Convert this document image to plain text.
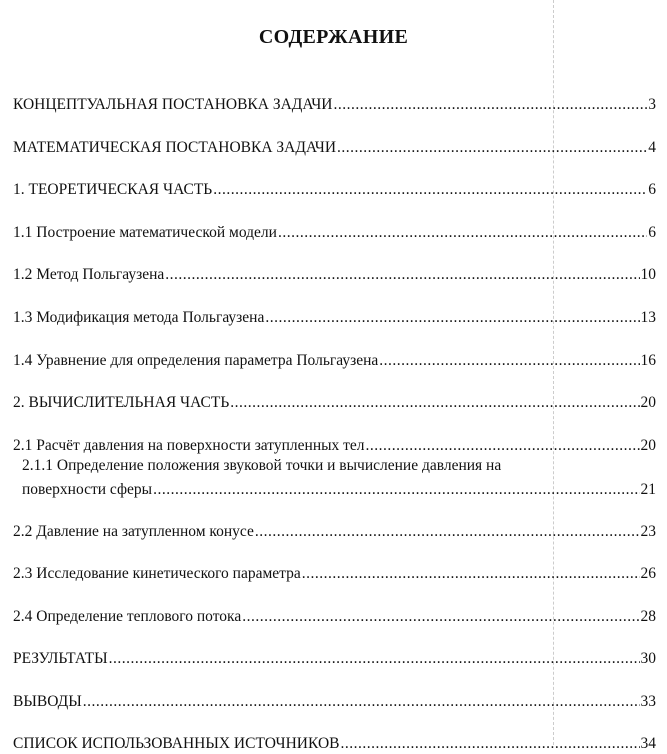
СОДЕРЖАНИЕ
КОНЦЕПТУАЛЬНАЯ ПОСТАНОВКА ЗАДАЧИ .....	3
МАТЕМАТИЧЕСКАЯ ПОСТАНОВКА ЗАДАЧИ .....	4
1. ТЕОРЕТИЧЕСКАЯ ЧАСТЬ .....	6
1.1 Построение математической модели .....	6
1.2 Метод Польгаузена .....	10
1.3 Модификация метода Польгаузена .....	13
1.4 Уравнение для определения параметра Польгаузена .....	16
2. ВЫЧИСЛИТЕЛЬНАЯ ЧАСТЬ .....	20
2.1 Расчёт давления на поверхности затупленных тел .....	20
2.1.1 Определение положения звуковой точки и вычисление давления на
поверхности сферы .....	21
2.2 Давление на затупленном конусе .....	23
2.3 Исследование кинетического параметра .....	26
2.4 Определение теплового потока .....	28
РЕЗУЛЬТАТЫ .....	30
ВЫВОДЫ .....	33
СПИСОК ИСПОЛЬЗОВАННЫХ ИСТОЧНИКОВ .....	34
